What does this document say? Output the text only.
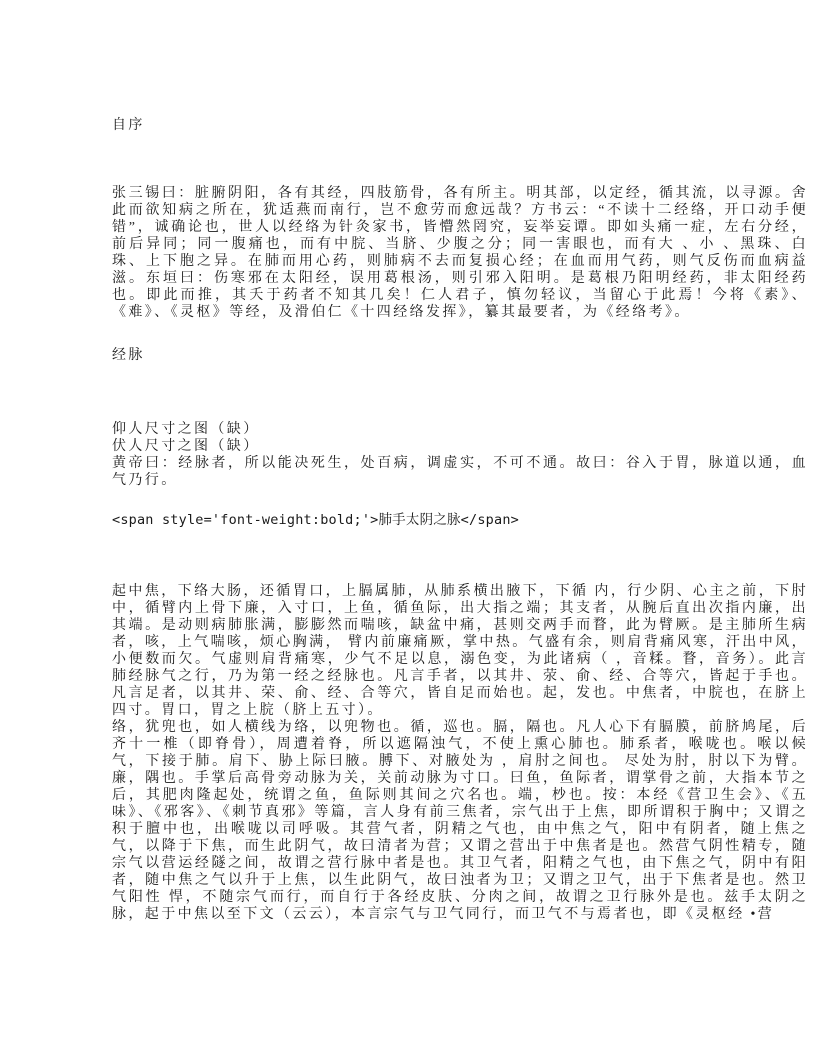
自序

张三锡曰：脏腑阴阳，各有其经，四肢筋骨，各有所主。明其部，以定经，循其流，以寻源。舍此而欲知病之所在，犹适燕而南行，岂不愈劳而愈远哉？方书云：“不读十二经络，开口动手便错”，诚确论也，世人以经络为针灸家书，皆懵然罔究，妄举妄谭。即如头痛一症，左右分经，前后异同；同一腹痛也，而有中脘、当脐、少腹之分；同一害眼也，而有大 、小 、黑珠、白珠、上下胞之异。在肺而用心药，则肺病不去而复损心经；在血而用气药，则气反伤而血病益滋。东垣曰：伤寒邪在太阳经，误用葛根汤，则引邪入阳明。是葛根乃阳明经药，非太阳经药也。即此而推，其夭于药者不知其几矣！仁人君子，慎勿轻议，当留心于此焉！今将《素》、《难》、《灵枢》等经，及滑伯仁《十四经络发挥》，纂其最要者，为《经络考》。

经脉
仰人尺寸之图（缺）
伏人尺寸之图（缺）

黄帝曰：经脉者，所以能决死生，处百病，调虚实，不可不通。故曰：谷入于胃，脉道以通，血气乃行。

<span style='font-weight:bold;'>肺手太阴之脉</span>

起中焦，下络大肠，还循胃口，上膈属肺，从肺系横出腋下，下循 内，行少阴、心主之前，下肘中，循臂内上骨下廉，入寸口，上鱼，循鱼际，出大指之端；其支者，从腕后直出次指内廉，出其端。是动则病肺胀满，膨膨然而喘咳，缺盆中痛，甚则交两手而瞀，此为臂厥。是主肺所生病者，咳，上气喘咳，烦心胸满， 臂内前廉痛厥，掌中热。气盛有余，则肩背痛风寒，汗出中风，小便数而欠。气虚则肩背痛寒，少气不足以息，溺色变，为此诸病（ ，音糅。瞀，音务）。此言肺经脉气之行，乃为第一经之经脉也。凡言手者，以其井、荥、俞、经、合等穴，皆起于手也。凡言足者，以其井、荣、俞、经、合等穴，皆自足而始也。起，发也。中焦者，中脘也，在脐上四寸。胃口，胃之上脘（脐上五寸）。

络，犹兜也，如人横线为络，以兜物也。循，巡也。膈，隔也。凡人心下有膈膜，前脐鸠尾，后齐十一椎（即脊骨），周遭着脊，所以遮隔浊气，不使上熏心肺也。肺系者，喉咙也。喉以候气，下接于肺。肩下、胁上际曰腋。膊下、对腋处为 ，肩肘之间也。 尽处为肘，肘以下为臂。廉，隅也。手掌后高骨旁动脉为关，关前动脉为寸口。曰鱼，鱼际者，谓掌骨之前，大指本节之后，其肥肉隆起处，统谓之鱼，鱼际则其间之穴名也。端，杪也。按：本经《营卫生会》、《五味》、《邪客》、《刺节真邪》等篇，言人身有前三焦者，宗气出于上焦，即所谓积于胸中；又谓之积于膻中也，出喉咙以司呼吸。其营气者，阴精之气也，由中焦之气，阳中有阴者，随上焦之气，以降于下焦，而生此阴气，故曰清者为营；又谓之营出于中焦者是也。然营气阴性精专，随宗气以营运经隧之间，故谓之营行脉中者是也。其卫气者，阳精之气也，由下焦之气，阴中有阳者，随中焦之气以升于上焦，以生此阴气，故曰浊者为卫；又谓之卫气，出于下焦者是也。然卫气阳性 悍，不随宗气而行，而自行于各经皮肤、分肉之间，故谓之卫行脉外是也。兹手太阴之脉，起于中焦以至下文（云云），本言宗气与卫气同行，而卫气不与焉者也，即《灵枢经 •营
